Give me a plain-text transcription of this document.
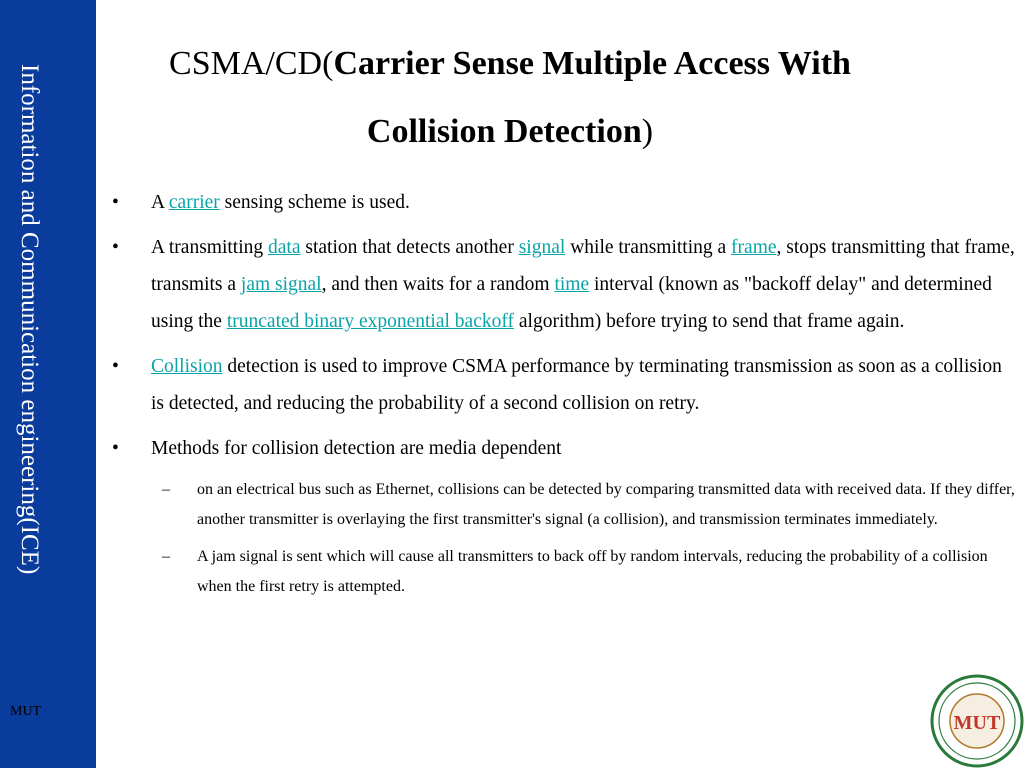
Information and Communication engineering(ICE)
MUT
CSMA/CD(Carrier Sense Multiple Access With Collision Detection)
• A carrier sensing scheme is used.
• A transmitting data station that detects another signal while transmitting a frame, stops transmitting that frame, transmits a jam signal, and then waits for a random time interval (known as "backoff delay" and determined using the truncated binary exponential backoff algorithm) before trying to send that frame again.
• Collision detection is used to improve CSMA performance by terminating transmission as soon as a collision is detected, and reducing the probability of a second collision on retry.
• Methods for collision detection are media dependent
– on an electrical bus such as Ethernet, collisions can be detected by comparing transmitted data with received data. If they differ, another transmitter is overlaying the first transmitter's signal (a collision), and transmission terminates immediately.
– A jam signal is sent which will cause all transmitters to back off by random intervals, reducing the probability of a collision when the first retry is attempted.
MUT
